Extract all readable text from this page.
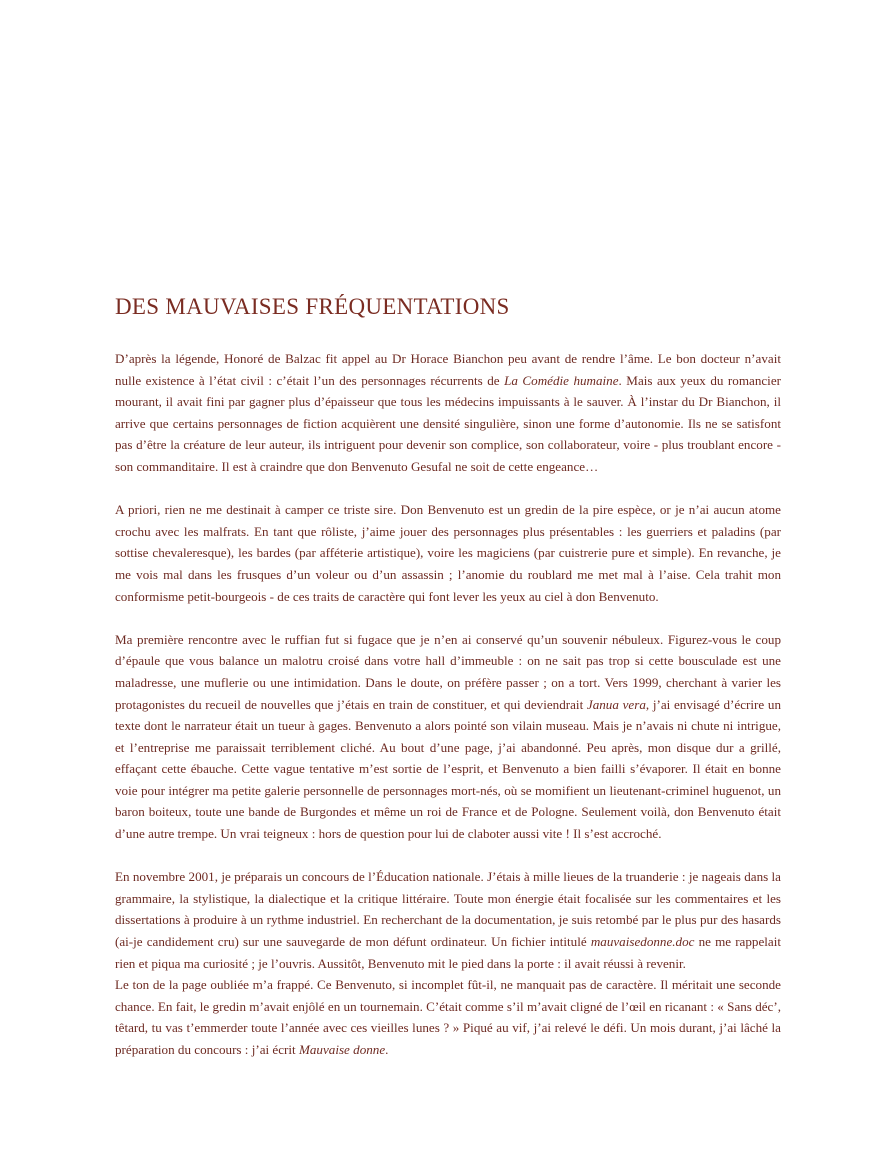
DES MAUVAISES FRÉQUENTATIONS

D’après la légende, Honoré de Balzac fit appel au Dr Horace Bianchon peu avant de rendre l’âme. Le bon docteur n’avait nulle existence à l’état civil : c’était l’un des personnages récurrents de La Comédie humaine. Mais aux yeux du romancier mourant, il avait fini par gagner plus d’épaisseur que tous les médecins impuissants à le sauver. À l’instar du Dr Bianchon, il arrive que certains personnages de fiction acquièrent une densité singulière, sinon une forme d’autonomie. Ils ne se satisfont pas d’être la créature de leur auteur, ils intriguent pour devenir son complice, son collaborateur, voire - plus troublant encore - son commanditaire. Il est à craindre que don Benvenuto Gesufal ne soit de cette engeance…

A priori, rien ne me destinait à camper ce triste sire. Don Benvenuto est un gredin de la pire espèce, or je n’ai aucun atome crochu avec les malfrats. En tant que rôliste, j’aime jouer des personnages plus présentables : les guerriers et paladins (par sottise chevaleresque), les bardes (par afféterie artistique), voire les magiciens (par cuistrerie pure et simple). En revanche, je me vois mal dans les frusques d’un voleur ou d’un assassin ; l’anomie du roublard me met mal à l’aise. Cela trahit mon conformisme petit-bourgeois - de ces traits de caractère qui font lever les yeux au ciel à don Benvenuto.

Ma première rencontre avec le ruffian fut si fugace que je n’en ai conservé qu’un souvenir nébuleux. Figurez-vous le coup d’épaule que vous balance un malotru croisé dans votre hall d’immeuble : on ne sait pas trop si cette bousculade est une maladresse, une muflerie ou une intimidation. Dans le doute, on préfère passer ; on a tort. Vers 1999, cherchant à varier les protagonistes du recueil de nouvelles que j’étais en train de constituer, et qui deviendrait Janua vera, j’ai envisagé d’écrire un texte dont le narrateur était un tueur à gages. Benvenuto a alors pointé son vilain museau. Mais je n’avais ni chute ni intrigue, et l’entreprise me paraissait terriblement cliché. Au bout d’une page, j’ai abandonné. Peu après, mon disque dur a grillé, effaçant cette ébauche. Cette vague tentative m’est sortie de l’esprit, et Benvenuto a bien failli s’évaporer. Il était en bonne voie pour intégrer ma petite galerie personnelle de personnages mort-nés, où se momifient un lieutenant-criminel huguenot, un baron boiteux, toute une bande de Burgondes et même un roi de France et de Pologne. Seulement voilà, don Benvenuto était d’une autre trempe. Un vrai teigneux : hors de question pour lui de claboter aussi vite ! Il s’est accroché.

En novembre 2001, je préparais un concours de l’Éducation nationale. J’étais à mille lieues de la truanderie : je nageais dans la grammaire, la stylistique, la dialectique et la critique littéraire. Toute mon énergie était focalisée sur les commentaires et les dissertations à produire à un rythme industriel. En recherchant de la documentation, je suis retombé par le plus pur des hasards (ai-je candidement cru) sur une sauvegarde de mon défunt ordinateur. Un fichier intitulé mauvaisedonne.doc ne me rappelait rien et piqua ma curiosité ; je l’ouvris. Aussitôt, Benvenuto mit le pied dans la porte : il avait réussi à revenir.

Le ton de la page oubliée m’a frappé. Ce Benvenuto, si incomplet fût-il, ne manquait pas de caractère. Il méritait une seconde chance. En fait, le gredin m’avait enjôlé en un tournemain. C’était comme s’il m’avait cligné de l’œil en ricanant : « Sans déc’, têtard, tu vas t’emmerder toute l’année avec ces vieilles lunes ? » Piqué au vif, j’ai relevé le défi. Un mois durant, j’ai lâché la préparation du concours : j’ai écrit Mauvaise donne.
